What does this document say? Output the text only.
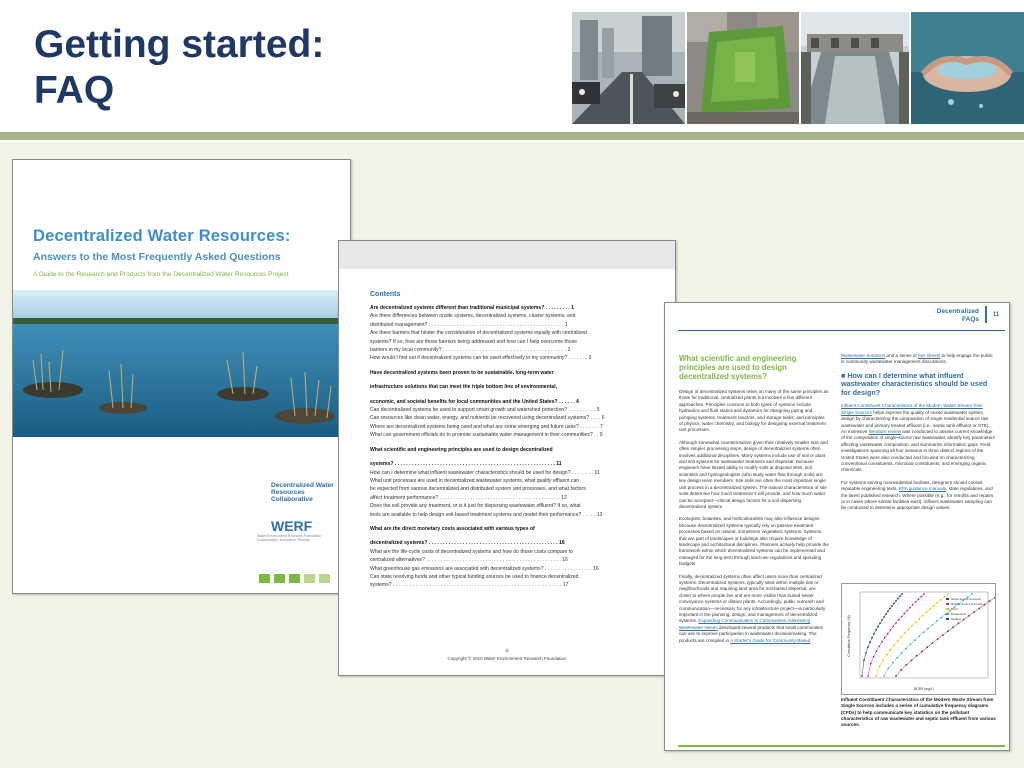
Getting started:
FAQ
Decentralized Water Resources:
Answers to the Most Frequently Asked Questions

A Guide to the Research and Products from the Decentralized Water Resources Project

Decentralized Water Resources Collaborative
WERF
Water Environment Research Foundation Collaboration. Innovation. Results.
Contents
Are decentralized systems different than traditional municipal systems? . . . . . . . . . 1
Are there differences between onsite systems, decentralized systems, cluster systems, and
distributed management? . . . . . . . . . . . . . . . . . . . . . . . . . . . . . . . . . . . . . . . . . . . . . . . . 1
Are there barriers that hinder the consideration of decentralized systems equally with centralized
systems? If so, how are those barriers being addressed and how can I help overcome those
barriers in my local community? . . . . . . . . . . . . . . . . . . . . . . . . . . . . . . . . . . . . . . . . . . . . 2
How would I find out if decentralized systems can be used effectively in my community? . . . . . . . 3
Have decentralized systems been proven to be sustainable, long-term water
infrastructure solutions that can meet the triple bottom line of environmental,
economic, and societal benefits for local communities and the United States? . . . . . . 4
Can decentralized systems be used to support smart growth and watershed protection? . . . . . . . . . . 5
Can resources like clean water, energy, and nutrients be recovered using decentralized systems? . . . . 6
Where are decentralized systems being used and what are some emerging and future uses? . . . . . . . 7
What can government officials do to promote sustainable water management in their communities? . . 9
What scientific and engineering principles are used to design decentralized
systems? . . . . . . . . . . . . . . . . . . . . . . . . . . . . . . . . . . . . . . . . . . . . . . . . . . . . . . . . . 11
How can I determine what influent wastewater characteristics should be used for design? . . . . . . . . 11
What unit processes are used in decentralized wastewater systems, what quality effluent can
be expected from various decentralized and distributed system unit processes, and what factors
affect treatment performance? . . . . . . . . . . . . . . . . . . . . . . . . . . . . . . . . . . . . . . . . . . . 12
Does the soil provide any treatment, or is it just for dispersing wastewater effluent? If so, what
tools are available to help design soil-based treatment systems and model their performance? . . . . . 13
What are the direct monetary costs associated with various types of
decentralized systems? . . . . . . . . . . . . . . . . . . . . . . . . . . . . . . . . . . . . . . . . . . . . . . 16
What are the life-cycle costs of decentralized systems and how do those costs compare to
centralized alternatives? . . . . . . . . . . . . . . . . . . . . . . . . . . . . . . . . . . . . . . . . . . . . . . . . 16
What greenhouse gas emissions are associated with decentralized systems? . . . . . . . . . . . . . . . . . 16
Can state revolving funds and other typical funding sources be used to finance decentralized
systems? . . . . . . . . . . . . . . . . . . . . . . . . . . . . . . . . . . . . . . . . . . . . . . . . . . . . . . . . . . . . 17
iii
Copyright © 2010 Water Environment Research Foundation
Decentralized
FAQs
11
What scientific and engineering principles are used to design decentralized systems?

Design of decentralized systems relies on many of the same principles as those for traditional, centralized plants but involves a few different approaches. Principles common to both types of systems include hydraulics and fluid statics and dynamics for designing piping and pumping systems, treatment reactors, and storage tanks; and principles of physics, water chemistry, and biology for designing external treatment unit processes.

Although somewhat counterintuitive given their relatively smaller size and often simpler processing steps, design of decentralized systems often involves additional disciplines. Many systems include use of soil or plant and soil systems for wastewater treatment and dispersal. Because engineers have limited ability to modify soils at disposal sites, soil scientists and hydrogeologists (who study water flow through soils) are key design team members. Site soils are often the most important single unit process in a decentralized system. The natural characteristics of site soils determine how much treatment it will provide, and how much water can be accepted—critical design factors for a soil dispersing decentralized system.

Ecologists, botanists, and horticulturalists may also influence designs because decentralized systems typically rely on passive treatment processes based on natural, sometimes vegetated, systems. Systems that are part of landscapes or buildings also require knowledge of landscape and architectural disciplines. Planners actively help provide the framework within which decentralized systems can be implemented and managed for the long term through land-use regulations and spending budgets.

Finally, decentralized systems often affect users more than centralized systems. Decentralized systems, typically sited within multiple lots or neighborhoods and requiring land area for soil-based dispersal, are closer to where people live and are more visible than buried sewer conveyance systems or distant plants. Accordingly, public outreach and communication—necessary for any infrastructure project—is particularly important in the planning, design, and management of decentralized systems. Expanding Communication in Communities Addressing Wastewater Needs developed several products that small communities can use to improve participation in wastewater decisionmaking. The products are compiled in A Starter's Guide for Community-Based

Wastewater Solutions and a series of fact sheets to help engage the public in community wastewater management discussions.

■ How can I determine what influent wastewater characteristics should be used for design?

Influent Constituent Characteristics of the Modern Waste Stream from Single Sources helps improve the quality of onsite wastewater system design by characterizing the composition of single residential source raw wastewater and primary treated effluent (i.e., septic tank effluent or STE). An extensive literature review was conducted to assess current knowledge of the composition of single-source raw wastewater, identify key parameters affecting wastewater composition, and summarize information gaps. Field investigations spanning all four seasons in three distinct regions of the United States were also conducted and focused on characterizing conventional constituents, microbial constituents, and emerging organic chemicals.

For systems serving nonresidential facilities, designers should consult reputable engineering texts, EPA guidance manuals, state regulations, and the latest published research. Where possible (e.g., for retrofits and repairs or in cases where similar facilities exist), influent wastewater sampling can be conducted to determine appropriate design values.

BOD5 (mg/L)
Cumulative Frequency (%)
Single Source Domestic
Multiple Source Domestic
Food
Restaurants
Medical

Influent Constituent Characteristics of the Modern Waste Stream from Single Sources includes a series of cumulative frequency diagrams (CFDs) to help communicate key statistics on the pollutant characteristics of raw wastewater and septic tank effluent from various sources.
